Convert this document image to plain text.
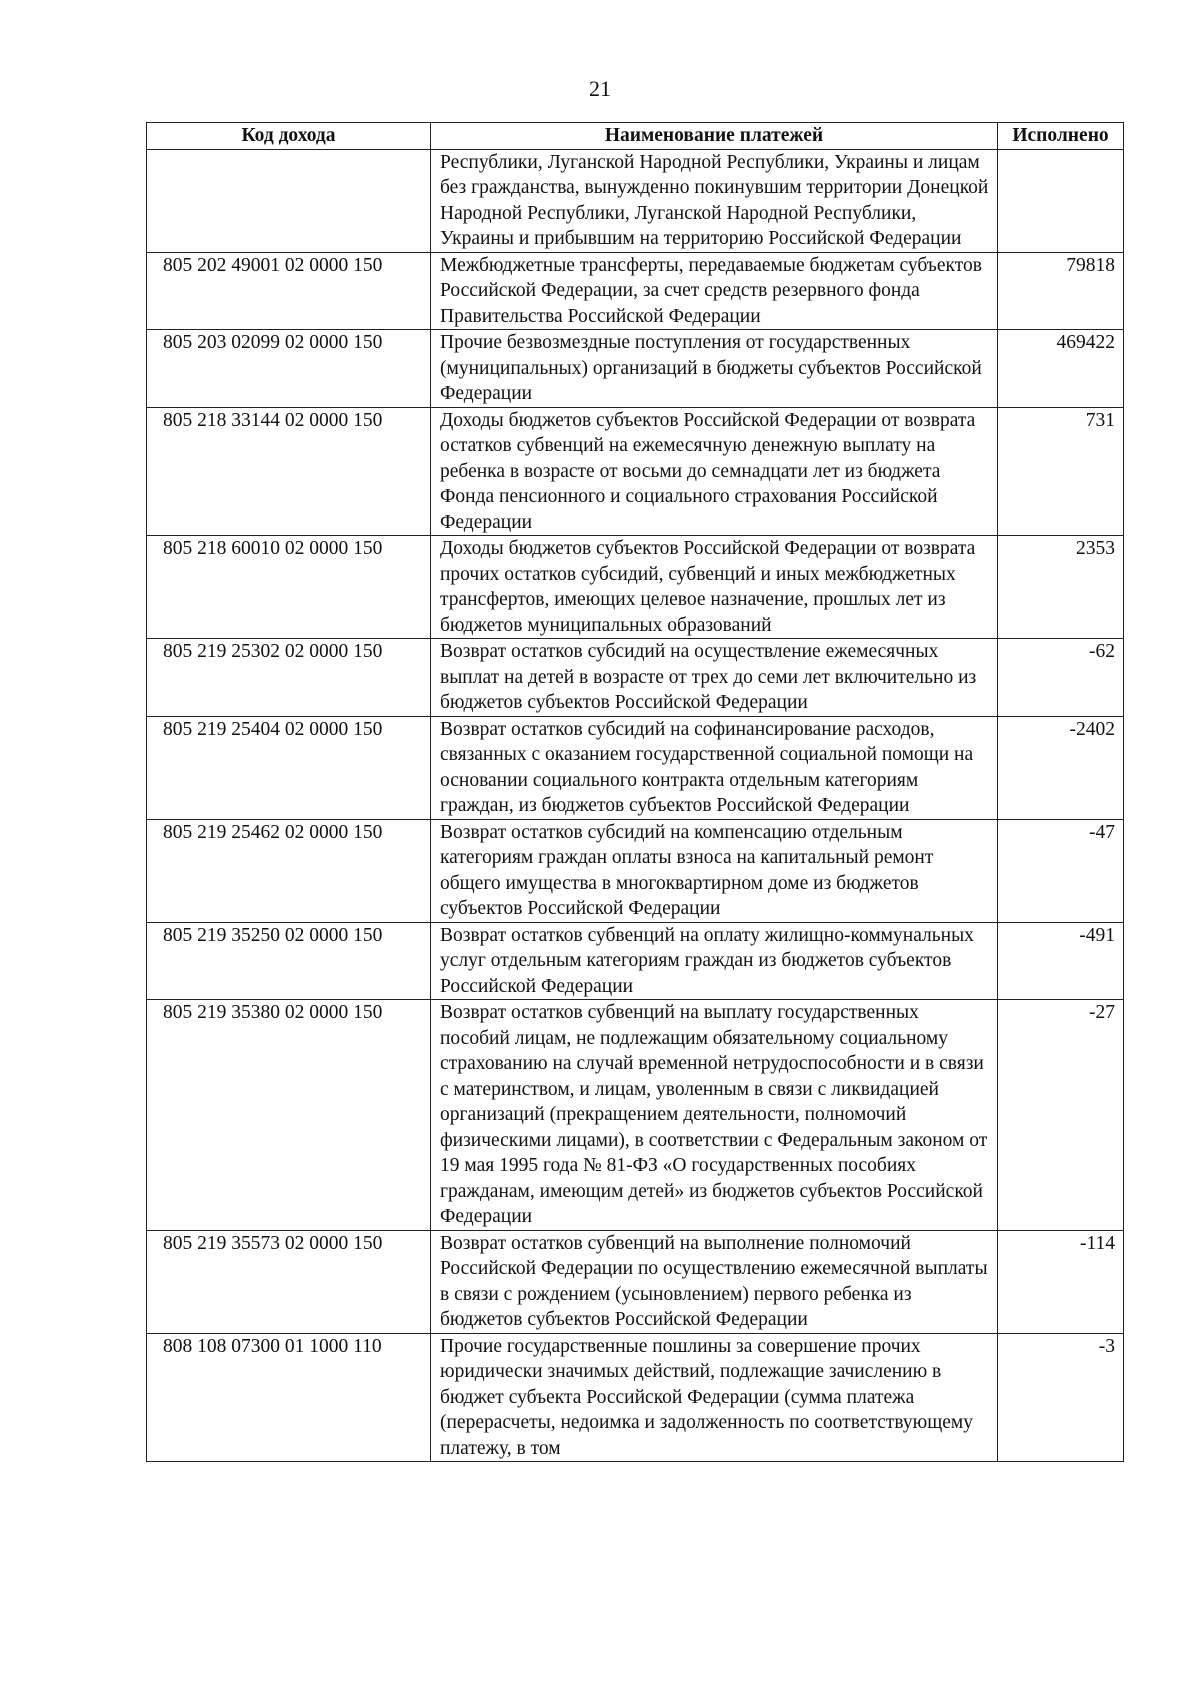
21
Код дохода	Наименование платежей	Исполнено
	Республики, Луганской Народной Республики, Украины и лицам без гражданства, вынужденно покинувшим территории Донецкой Народной Республики, Луганской Народной Республики, Украины и прибывшим на территорию Российской Федерации	
805 202 49001 02 0000 150	Межбюджетные трансферты, передаваемые бюджетам субъектов Российской Федерации, за счет средств резервного фонда Правительства Российской Федерации	79818
805 203 02099 02 0000 150	Прочие безвозмездные поступления от государственных (муниципальных) организаций в бюджеты субъектов Российской Федерации	469422
805 218 33144 02 0000 150	Доходы бюджетов субъектов Российской Федерации от возврата остатков субвенций на ежемесячную денежную выплату на ребенка в возрасте от восьми до семнадцати лет из бюджета Фонда пенсионного и социального страхования Российской Федерации	731
805 218 60010 02 0000 150	Доходы бюджетов субъектов Российской Федерации от возврата прочих остатков субсидий, субвенций и иных межбюджетных трансфертов, имеющих целевое назначение, прошлых лет из бюджетов муниципальных образований	2353
805 219 25302 02 0000 150	Возврат остатков субсидий на осуществление ежемесячных выплат на детей в возрасте от трех до семи лет включительно из бюджетов субъектов Российской Федерации	-62
805 219 25404 02 0000 150	Возврат остатков субсидий на софинансирование расходов, связанных с оказанием государственной социальной помощи на основании социального контракта отдельным категориям граждан, из бюджетов субъектов Российской Федерации	-2402
805 219 25462 02 0000 150	Возврат остатков субсидий на компенсацию отдельным категориям граждан оплаты взноса на капитальный ремонт общего имущества в многоквартирном доме из бюджетов субъектов Российской Федерации	-47
805 219 35250 02 0000 150	Возврат остатков субвенций на оплату жилищно-коммунальных услуг отдельным категориям граждан из бюджетов субъектов Российской Федерации	-491
805 219 35380 02 0000 150	Возврат остатков субвенций на выплату государственных пособий лицам, не подлежащим обязательному социальному страхованию на случай временной нетрудоспособности и в связи с материнством, и лицам, уволенным в связи с ликвидацией организаций (прекращением деятельности, полномочий физическими лицами), в соответствии с Федеральным законом от 19 мая 1995 года № 81-ФЗ «О государственных пособиях гражданам, имеющим детей» из бюджетов субъектов Российской Федерации	-27
805 219 35573 02 0000 150	Возврат остатков субвенций на выполнение полномочий Российской Федерации по осуществлению ежемесячной выплаты в связи с рождением (усыновлением) первого ребенка из бюджетов субъектов Российской Федерации	-114
808 108 07300 01 1000 110	Прочие государственные пошлины за совершение прочих юридически значимых действий, подлежащие зачислению в бюджет субъекта Российской Федерации (сумма платежа (перерасчеты, недоимка и задолженность по соответствующему платежу, в том	-3
